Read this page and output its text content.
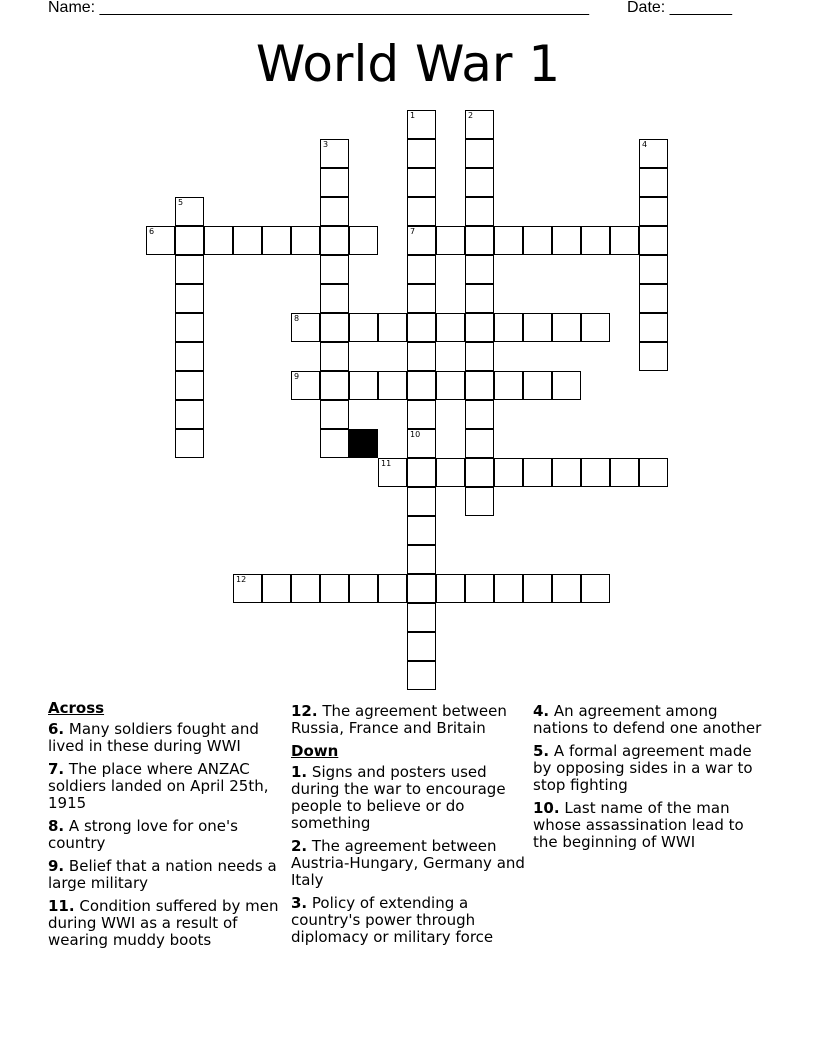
Name: _______________________________________________________ Date: _______
World War 1
1
7
10
2
3	4
5
6
8
9
11
12
Across
6. Many soldiers fought and lived in these during WWI
7. The place where ANZAC soldiers landed on April 25th, 1915
8. A strong love for one's country
9. Belief that a nation needs a large military
11. Condition suffered by men during WWI as a result of wearing muddy boots
12. The agreement between Russia, France and Britain
Down
1. Signs and posters used during the war to encourage people to believe or do something
2. The agreement between Austria-Hungary, Germany and Italy
3. Policy of extending a country's power through diplomacy or military force
4. An agreement among nations to defend one another
5. A formal agreement made by opposing sides in a war to stop fighting
10. Last name of the man whose assassination lead to the beginning of WWI
